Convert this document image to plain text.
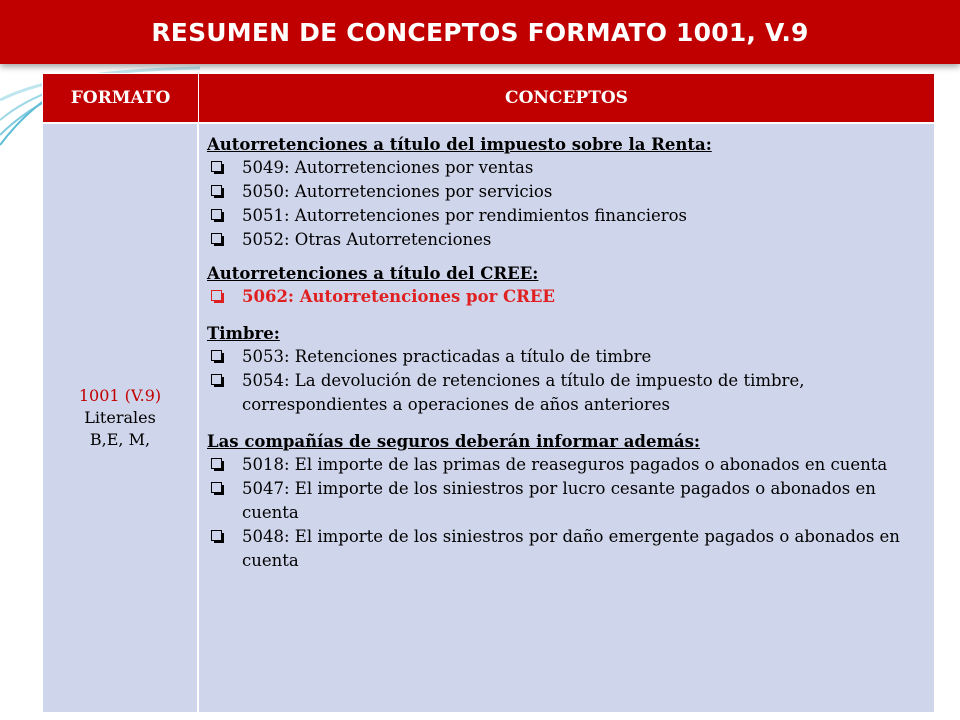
RESUMEN DE CONCEPTOS FORMATO 1001, V.9
FORMATO	CONCEPTOS
1001 (V.9)
Literales
B,E, M,

Autorretenciones a título del impuesto sobre la Renta:

5049: Autorretenciones por ventas
5050: Autorretenciones por servicios
5051: Autorretenciones por rendimientos financieros
5052: Otras Autorretenciones

Autorretenciones a título del CREE:

5062: Autorretenciones por CREE

Timbre:

5053: Retenciones practicadas a título de timbre
5054: La devolución de retenciones a título de impuesto de timbre, correspondientes a operaciones de años anteriores

Las compañías de seguros deberán informar además:

5018: El importe de las primas de reaseguros pagados o abonados en cuenta
5047: El importe de los siniestros por lucro cesante pagados o abonados en cuenta
5048: El importe de los siniestros por daño emergente pagados o abonados en cuenta
